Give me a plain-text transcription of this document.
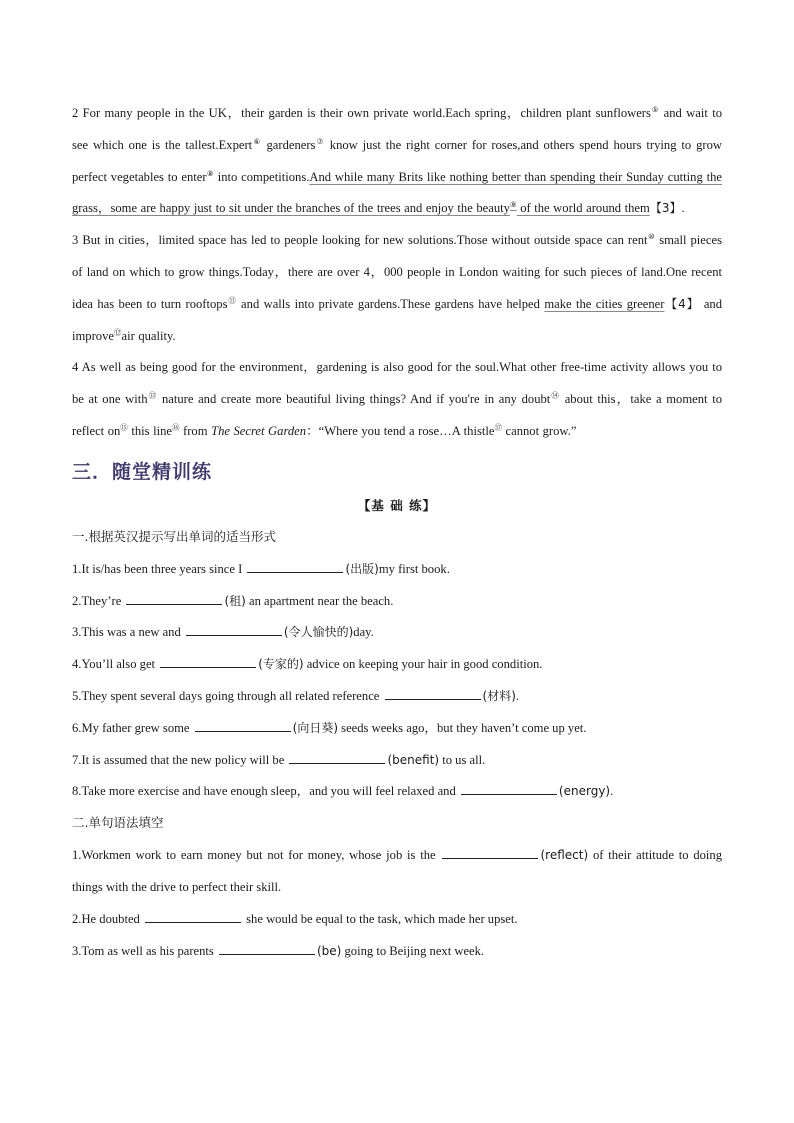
2 For many people in the UK，their garden is their own private world.Each spring，children plant sunflowers⑤ and wait to see which one is the tallest.Expert⑥ gardeners⑦ know just the right corner for roses,and others spend hours trying to grow perfect vegetables to enter⑧ into competitions.And while many Brits like nothing better than spending their Sunday cutting the grass，some are happy just to sit under the branches of the trees and enjoy the beauty⑨ of the world around them【3】.

3 But in cities，limited space has led to people looking for new solutions.Those without outside space can rent⑩ small pieces of land on which to grow things.Today，there are over 4，000 people in London waiting for such pieces of land.One recent idea has been to turn rooftops⑪ and walls into private gardens.These gardens have helped make the cities greener【4】 and improve⑫air quality.

4 As well as being good for the environment，gardening is also good for the soul.What other free-time activity allows you to be at one with⑬ nature and create more beautiful living things? And if you're in any doubt⑭ about this，take a moment to reflect on⑮ this line⑯ from The Secret Garden：“Where you tend a rose…A thistle⑰ cannot grow.”

三．随堂精训练
【基 础 练】
一.根据英汉提示写出单词的适当形式

1.It is/has been three years since I	(出版)my first book.

2.They’re	(租) an apartment near the beach.

3.This was a new and	(令人愉快的)day.

4.You’ll also get	(专家的) advice on keeping your hair in good condition.

5.They spent several days going through all related reference	(材料).

6.My father grew some	(向日葵) seeds weeks ago，but they haven’t come up yet.

7.It is assumed that the new policy will be	(benefit) to us all.

8.Take more exercise and have enough sleep，and you will feel relaxed and	(energy).

二.单句语法填空

1.Workmen work to earn money but not for money, whose job is the	(reflect) of their attitude to doing things with the drive to perfect their skill.

2.He doubted	she would be equal to the task, which made her upset.

3.Tom as well as his parents	(be) going to Beijing next week.
